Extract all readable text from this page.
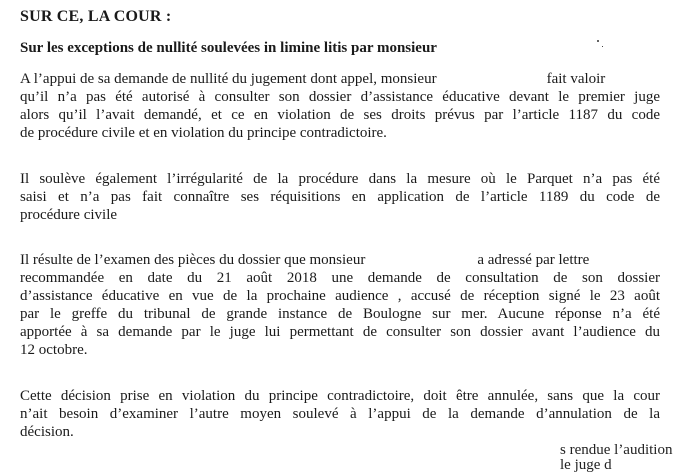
SUR CE, LA COUR :
Sur les exceptions de nullité soulevées in limine litis par monsieur
A l’appui de sa demande de nullité du jugement dont appel, monsieur	fait valoir
qu’il n’a pas été autorisé à consulter son dossier d’assistance éducative devant le premier juge
alors qu’il l’avait demandé, et ce en violation de ses droits prévus par l’article 1187 du code
de procédure civile et en violation du principe contradictoire.
Il soulève également l’irrégularité de la procédure dans la mesure où le Parquet n’a pas été
saisi et n’a pas fait connaître ses réquisitions en application de l’article 1189 du code de
procédure civile
Il résulte de l’examen des pièces du dossier que monsieur	a adressé par lettre
recommandée en date du 21 août 2018 une demande de consultation de son dossier
d’assistance éducative en vue de la prochaine audience , accusé de réception signé le 23 août
par le greffe du tribunal de grande instance de Boulogne sur mer. Aucune réponse n’a été
apportée à sa demande par le juge lui permettant de consulter son dossier avant l’audience du
12 octobre.
Cette décision prise en violation du principe contradictoire, doit être annulée, sans que la cour
n’ait besoin d’examiner l’autre moyen soulevé à l’appui de la demande d’annulation de la
décision.
s rendue l’audition le juge d
